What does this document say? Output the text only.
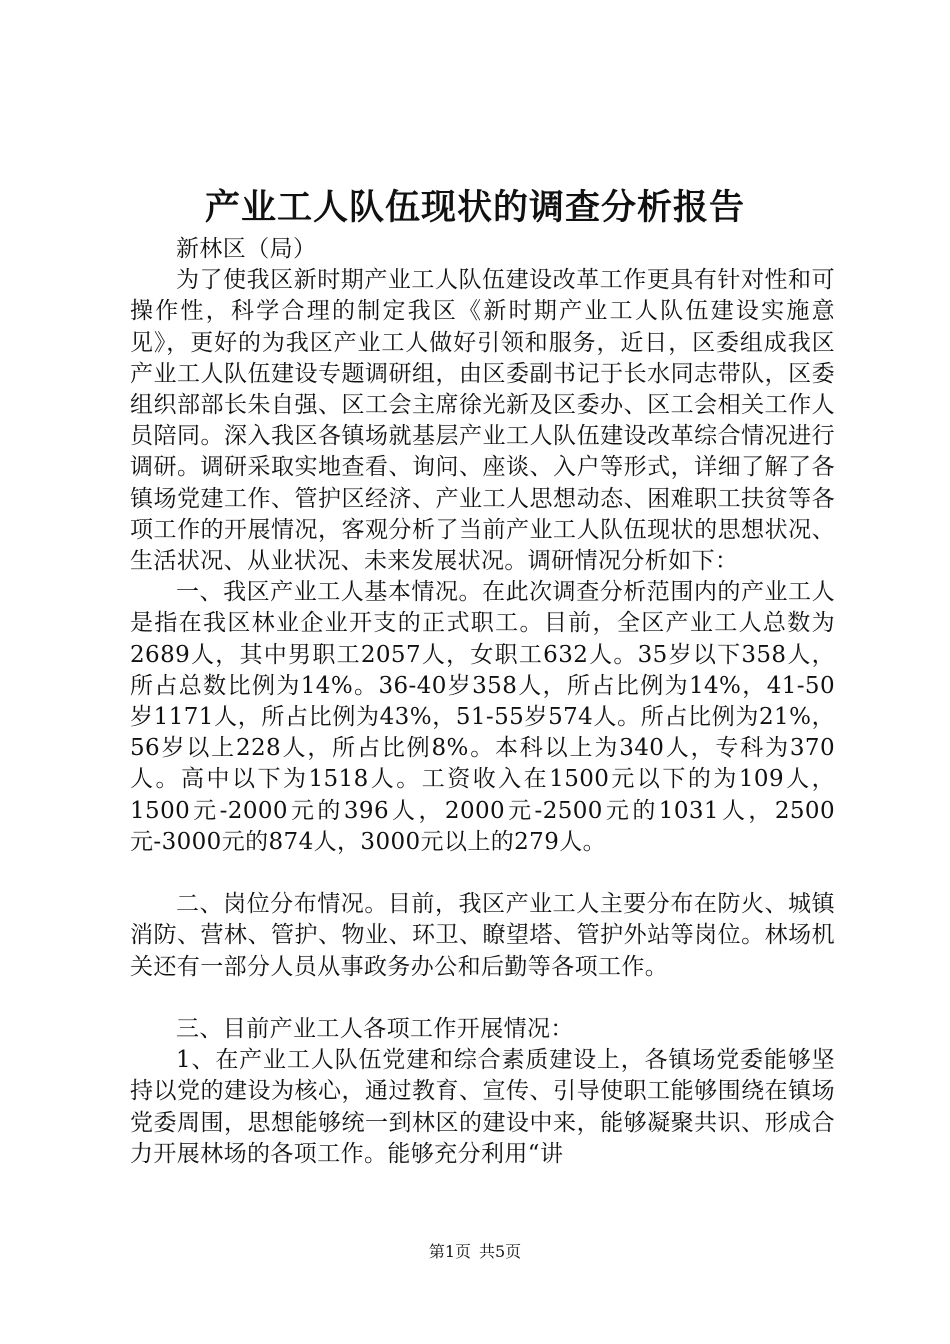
产业工人队伍现状的调查分析报告

新林区（局）

为了使我区新时期产业工人队伍建设改革工作更具有针对性和可操作性，科学合理的制定我区《新时期产业工人队伍建设实施意见》，更好的为我区产业工人做好引领和服务，近日，区委组成我区产业工人队伍建设专题调研组，由区委副书记于长水同志带队，区委组织部部长朱自强、区工会主席徐光新及区委办、区工会相关工作人员陪同。深入我区各镇场就基层产业工人队伍建设改革综合情况进行调研。调研采取实地查看、询问、座谈、入户等形式，详细了解了各镇场党建工作、管护区经济、产业工人思想动态、困难职工扶贫等各项工作的开展情况，客观分析了当前产业工人队伍现状的思想状况、生活状况、从业状况、未来发展状况。调研情况分析如下：

一、我区产业工人基本情况。在此次调查分析范围内的产业工人是指在我区林业企业开支的正式职工。目前，全区产业工人总数为2689人，其中男职工2057人，女职工632人。35岁以下358人，所占总数比例为14%。36-40岁358人，所占比例为14%，41-50岁1171人，所占比例为43%，51-55岁574人。所占比例为21%，56岁以上228人，所占比例8%。本科以上为340人，专科为370人。高中以下为1518人。工资收入在1500元以下的为109人，1500元-2000元的396人，2000元-2500元的1031人，2500元-3000元的874人，3000元以上的279人。

二、岗位分布情况。目前，我区产业工人主要分布在防火、城镇消防、营林、管护、物业、环卫、瞭望塔、管护外站等岗位。林场机关还有一部分人员从事政务办公和后勤等各项工作。

三、目前产业工人各项工作开展情况：

1、在产业工人队伍党建和综合素质建设上，各镇场党委能够坚持以党的建设为核心，通过教育、宣传、引导使职工能够围绕在镇场党委周围，思想能够统一到林区的建设中来，能够凝聚共识、形成合力开展林场的各项工作。能够充分利用“讲

第1页 共5页
